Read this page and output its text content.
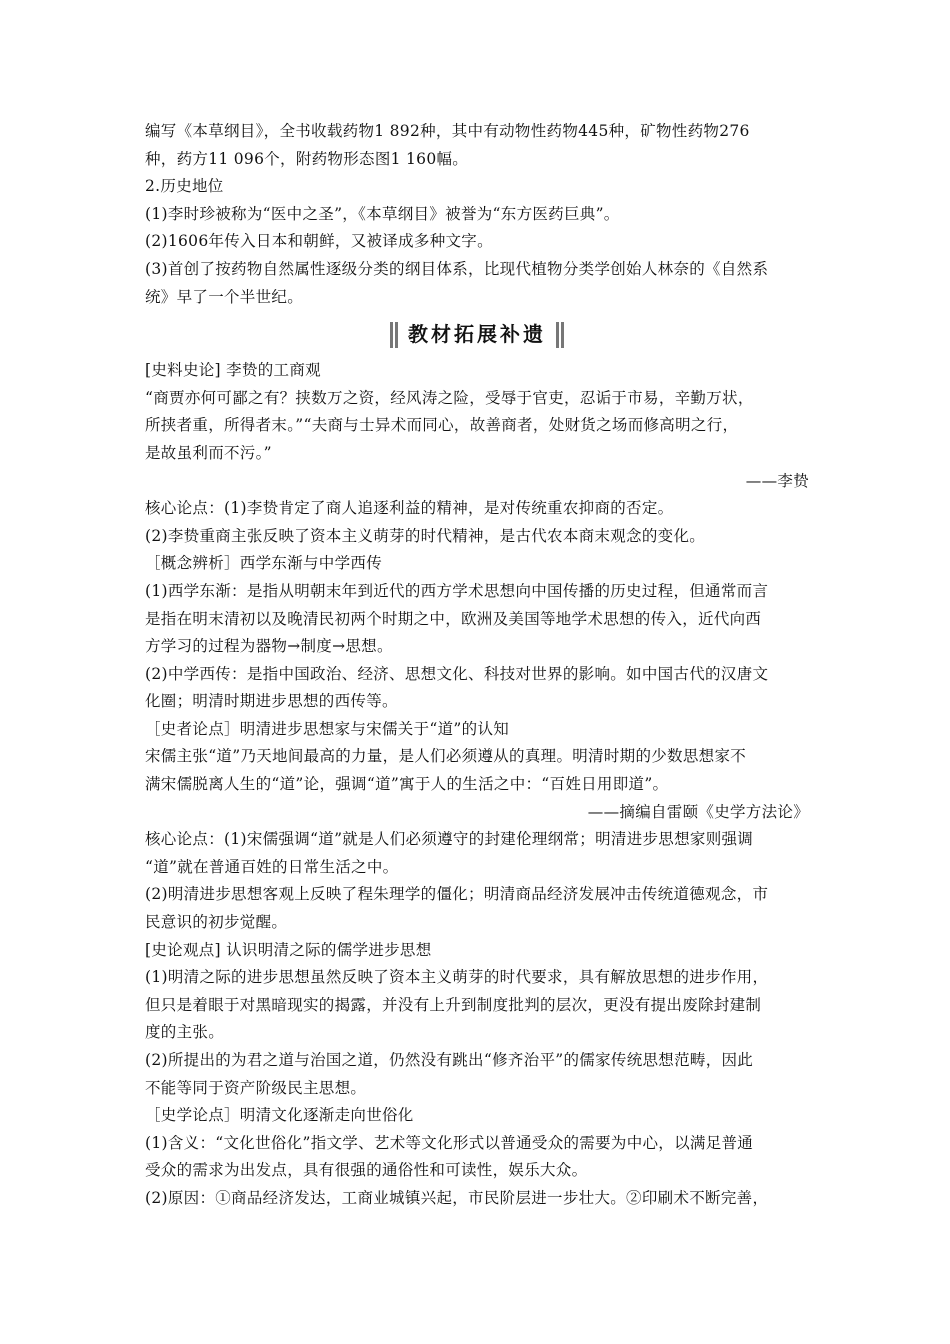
编写《本草纲目》，全书收载药物1 892种，其中有动物性药物445种，矿物性药物276

种，药方11 096个，附药物形态图1 160幅。

2.历史地位

(1)李时珍被称为“医中之圣”，《本草纲目》被誉为“东方医药巨典”。

(2)1606年传入日本和朝鲜，又被译成多种文字。

(3)首创了按药物自然属性逐级分类的纲目体系，比现代植物分类学创始人林奈的《自然系

统》早了一个半世纪。

教材拓展补遗

[史料史论] 李贽的工商观

“商贾亦何可鄙之有？挟数万之资，经风涛之险，受辱于官吏，忍诟于市易，辛勤万状，

所挟者重，所得者末。”“夫商与士异术而同心，故善商者，处财货之场而修高明之行，

是故虽利而不污。”

——李贽

核心论点：(1)李贽肯定了商人追逐利益的精神，是对传统重农抑商的否定。

(2)李贽重商主张反映了资本主义萌芽的时代精神，是古代农本商末观念的变化。

［概念辨析］西学东渐与中学西传

(1)西学东渐：是指从明朝末年到近代的西方学术思想向中国传播的历史过程，但通常而言

是指在明末清初以及晚清民初两个时期之中，欧洲及美国等地学术思想的传入，近代向西

方学习的过程为器物→制度→思想。

(2)中学西传：是指中国政治、经济、思想文化、科技对世界的影响。如中国古代的汉唐文

化圈；明清时期进步思想的西传等。

［史者论点］明清进步思想家与宋儒关于“道”的认知

宋儒主张“道”乃天地间最高的力量，是人们必须遵从的真理。明清时期的少数思想家不

满宋儒脱离人生的“道”论，强调“道”寓于人的生活之中：“百姓日用即道”。

——摘编自雷颐《史学方法论》

核心论点：(1)宋儒强调“道”就是人们必须遵守的封建伦理纲常；明清进步思想家则强调

“道”就在普通百姓的日常生活之中。

(2)明清进步思想客观上反映了程朱理学的僵化；明清商品经济发展冲击传统道德观念，市

民意识的初步觉醒。

[史论观点] 认识明清之际的儒学进步思想

(1)明清之际的进步思想虽然反映了资本主义萌芽的时代要求，具有解放思想的进步作用，

但只是着眼于对黑暗现实的揭露，并没有上升到制度批判的层次，更没有提出废除封建制

度的主张。

(2)所提出的为君之道与治国之道，仍然没有跳出“修齐治平”的儒家传统思想范畴，因此

不能等同于资产阶级民主思想。

［史学论点］明清文化逐渐走向世俗化

(1)含义：“文化世俗化”指文学、艺术等文化形式以普通受众的需要为中心，以满足普通

受众的需求为出发点，具有很强的通俗性和可读性，娱乐大众。

(2)原因：①商品经济发达，工商业城镇兴起，市民阶层进一步壮大。②印刷术不断完善，
